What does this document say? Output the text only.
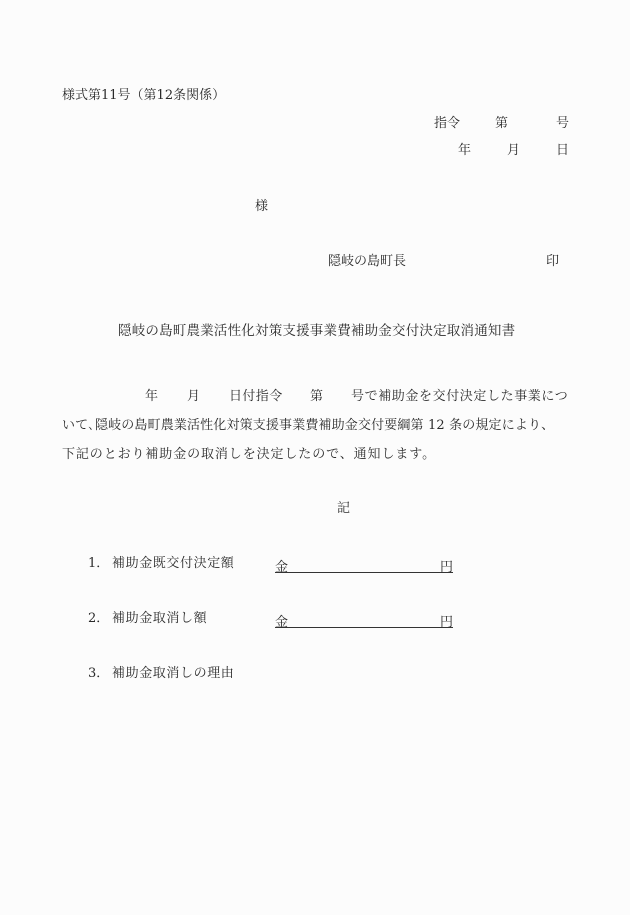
様式第11号（第12条関係）
指令	第	号
年	月	日
様
隠岐の島町長	印
隠岐の島町農業活性化対策支援事業費補助金交付決定取消通知書
年 月 日付指令 第 号で補助金を交付決定した事業につ
いて､隠岐の島町農業活性化対策支援事業費補助金交付要綱第 12 条の規定により、
下記のとおり補助金の取消しを決定したので、通知します。
記
1． 補助金既交付決定額	金	円
2． 補助金取消し額	金	円
3． 補助金取消しの理由
